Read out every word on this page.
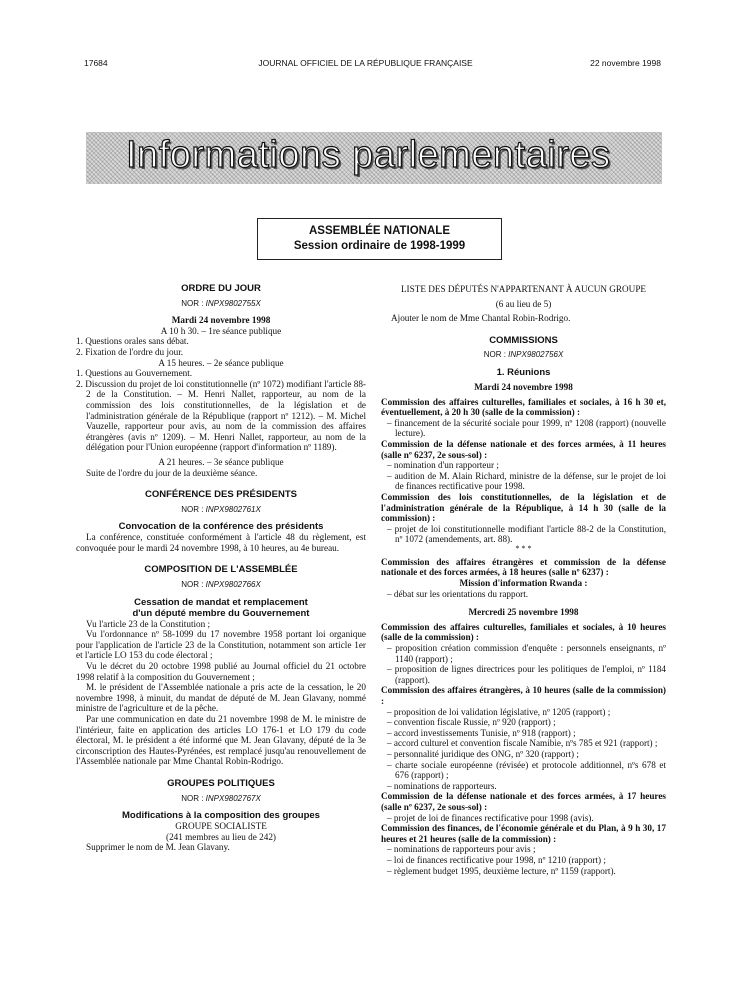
17684	JOURNAL OFFICIEL DE LA RÉPUBLIQUE FRANÇAISE	22 novembre 1998
Informations parlementaires
ASSEMBLÉE NATIONALE
Session ordinaire de 1998-1999
ORDRE DU JOUR
NOR : INPX9802755X
Mardi 24 novembre 1998
A 10 h 30. – 1re séance publique
1. Questions orales sans débat.
2. Fixation de l'ordre du jour.
A 15 heures. – 2e séance publique
1. Questions au Gouvernement.
2. Discussion du projet de loi constitutionnelle (nº 1072) modifiant l'article 88-2 de la Constitution. – M. Henri Nallet, rapporteur, au nom de la commission des lois constitutionnelles, de la législation et de l'administration générale de la République (rapport nº 1212). – M. Michel Vauzelle, rapporteur pour avis, au nom de la commission des affaires étrangères (avis nº 1209). – M. Henri Nallet, rapporteur, au nom de la délégation pour l'Union européenne (rapport d'information nº 1189).
A 21 heures. – 3e séance publique

Suite de l'ordre du jour de la deuxième séance.

CONFÉRENCE DES PRÉSIDENTS
NOR : INPX9802761X
Convocation de la conférence des présidents

La conférence, constituée conformément à l'article 48 du règlement, est convoquée pour le mardi 24 novembre 1998, à 10 heures, au 4e bureau.

COMPOSITION DE L'ASSEMBLÉE
NOR : INPX9802766X
Cessation de mandat et remplacement
d'un député membre du Gouvernement

Vu l'article 23 de la Constitution ;

Vu l'ordonnance nº 58-1099 du 17 novembre 1958 portant loi organique pour l'application de l'article 23 de la Constitution, notamment son article 1er et l'article LO 153 du code électoral ;

Vu le décret du 20 octobre 1998 publié au Journal officiel du 21 octobre 1998 relatif à la composition du Gouvernement ;

M. le président de l'Assemblée nationale a pris acte de la cessation, le 20 novembre 1998, à minuit, du mandat de député de M. Jean Glavany, nommé ministre de l'agriculture et de la pêche.

Par une communication en date du 21 novembre 1998 de M. le ministre de l'intérieur, faite en application des articles LO 176-1 et LO 179 du code électoral, M. le président a été informé que M. Jean Glavany, député de la 3e circonscription des Hautes-Pyrénées, est remplacé jusqu'au renouvellement de l'Assemblée nationale par Mme Chantal Robin-Rodrigo.

GROUPES POLITIQUES
NOR : INPX9802767X
Modifications à la composition des groupes
GROUPE SOCIALISTE
(241 membres au lieu de 242)

Supprimer le nom de M. Jean Glavany.

LISTE DES DÉPUTÉS N'APPARTENANT À AUCUN GROUPE
(6 au lieu de 5)

Ajouter le nom de Mme Chantal Robin-Rodrigo.

COMMISSIONS
NOR : INPX9802756X
1. Réunions
Mardi 24 novembre 1998

Commission des affaires culturelles, familiales et sociales, à 16 h 30 et, éventuellement, à 20 h 30 (salle de la commission) :

– financement de la sécurité sociale pour 1999, nº 1208 (rapport) (nouvelle lecture).

Commission de la défense nationale et des forces armées, à 11 heures (salle nº 6237, 2e sous-sol) :

– nomination d'un rapporteur ;
– audition de M. Alain Richard, ministre de la défense, sur le projet de loi de finances rectificative pour 1998.

Commission des lois constitutionnelles, de la législation et de l'administration générale de la République, à 14 h 30 (salle de la commission) :

– projet de loi constitutionnelle modifiant l'article 88-2 de la Constitution, nº 1072 (amendements, art. 88).
* * *

Commission des affaires étrangères et commission de la défense nationale et des forces armées, à 18 heures (salle nº 6237) :

Mission d'information Rwanda :
– débat sur les orientations du rapport.
Mercredi 25 novembre 1998

Commission des affaires culturelles, familiales et sociales, à 10 heures (salle de la commission) :

– proposition création commission d'enquête : personnels enseignants, nº 1140 (rapport) ;
– proposition de lignes directrices pour les politiques de l'emploi, nº 1184 (rapport).

Commission des affaires étrangères, à 10 heures (salle de la commission) :

– proposition de loi validation législative, nº 1205 (rapport) ;
– convention fiscale Russie, nº 920 (rapport) ;
– accord investissements Tunisie, nº 918 (rapport) ;
– accord culturel et convention fiscale Namibie, nºs 785 et 921 (rapport) ;
– personnalité juridique des ONG, nº 320 (rapport) ;
– charte sociale européenne (révisée) et protocole additionnel, nºs 678 et 676 (rapport) ;
– nominations de rapporteurs.

Commission de la défense nationale et des forces armées, à 17 heures (salle nº 6237, 2e sous-sol) :

– projet de loi de finances rectificative pour 1998 (avis).

Commission des finances, de l'économie générale et du Plan, à 9 h 30, 17 heures et 21 heures (salle de la commission) :

– nominations de rapporteurs pour avis ;
– loi de finances rectificative pour 1998, nº 1210 (rapport) ;
– règlement budget 1995, deuxième lecture, nº 1159 (rapport).
